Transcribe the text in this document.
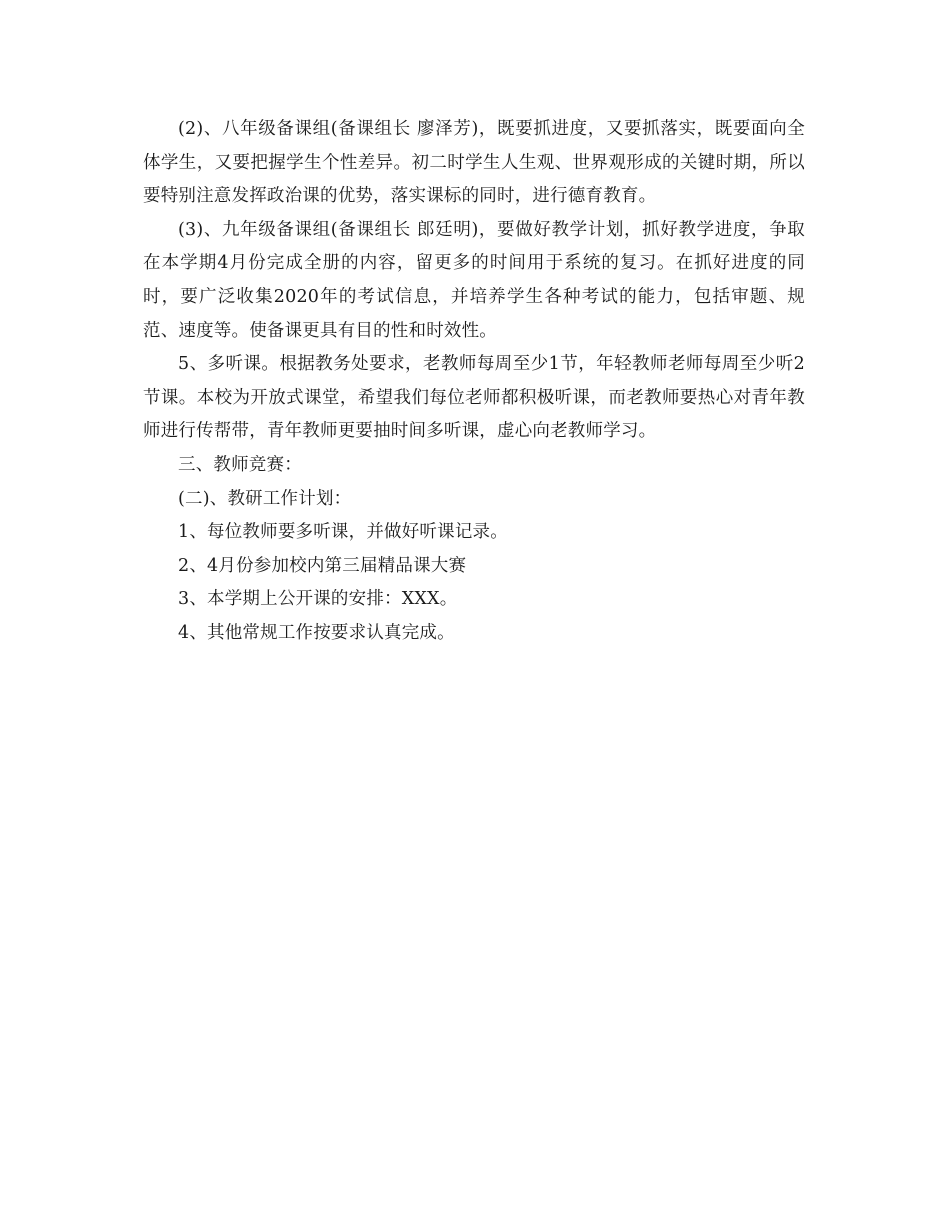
(2)、八年级备课组(备课组长 廖泽芳)，既要抓进度，又要抓落实，既要面向全体学生，又要把握学生个性差异。初二时学生人生观、世界观形成的关键时期，所以要特别注意发挥政治课的优势，落实课标的同时，进行德育教育。

(3)、九年级备课组(备课组长 郎廷明)，要做好教学计划，抓好教学进度，争取在本学期4月份完成全册的内容，留更多的时间用于系统的复习。在抓好进度的同时，要广泛收集2020年的考试信息，并培养学生各种考试的能力，包括审题、规范、速度等。使备课更具有目的性和时效性。

5、多听课。根据教务处要求，老教师每周至少1节，年轻教师老师每周至少听2节课。本校为开放式课堂，希望我们每位老师都积极听课，而老教师要热心对青年教师进行传帮带，青年教师更要抽时间多听课，虚心向老教师学习。

三、教师竞赛：

(二)、教研工作计划：

1、每位教师要多听课，并做好听课记录。

2、4月份参加校内第三届精品课大赛

3、本学期上公开课的安排：XXX。

4、其他常规工作按要求认真完成。
